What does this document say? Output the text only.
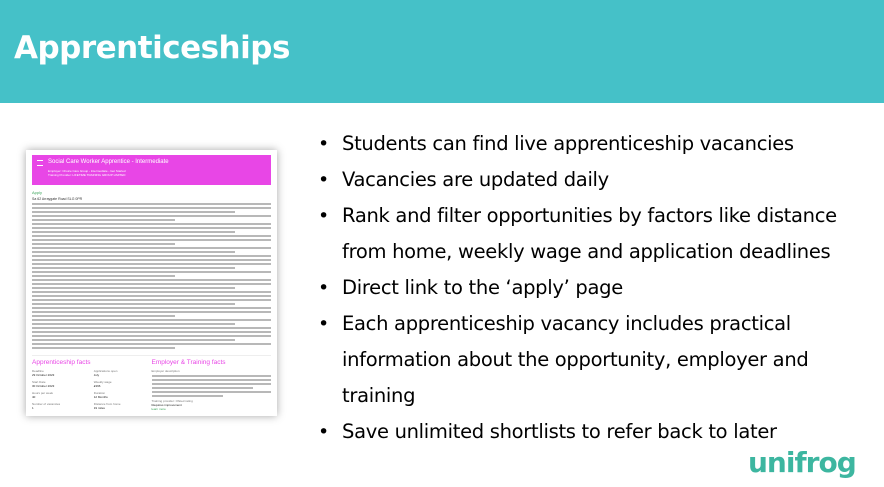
Apprenticeships
Social Care Worker Apprentice - Intermediate
Employer: Choice Care Group - Intermediate - Get Started
Training Provider: LIFETIME TRAINING GROUP LIMITED
Apply
Sa 62 Arraygate Road SLG 0PR
Apprenticeship facts
Deadline
29 October 2023
Applications open
July
Start Date
30 October 2023
Weekly wage
£396
Hours per week
40
Duration
12 Months
Number of vacancies
1
Distance from home
19 miles
Employer & Training facts
Employer description
Training provider: Ofsted rating
Requires improvement
learn more
• Students can find live apprenticeship vacancies
• Vacancies are updated daily
• Rank and filter opportunities by factors like distance from home, weekly wage and application deadlines
• Direct link to the ‘apply’ page
• Each apprenticeship vacancy includes practical information about the opportunity, employer and training
• Save unlimited shortlists to refer back to later
unifrog
